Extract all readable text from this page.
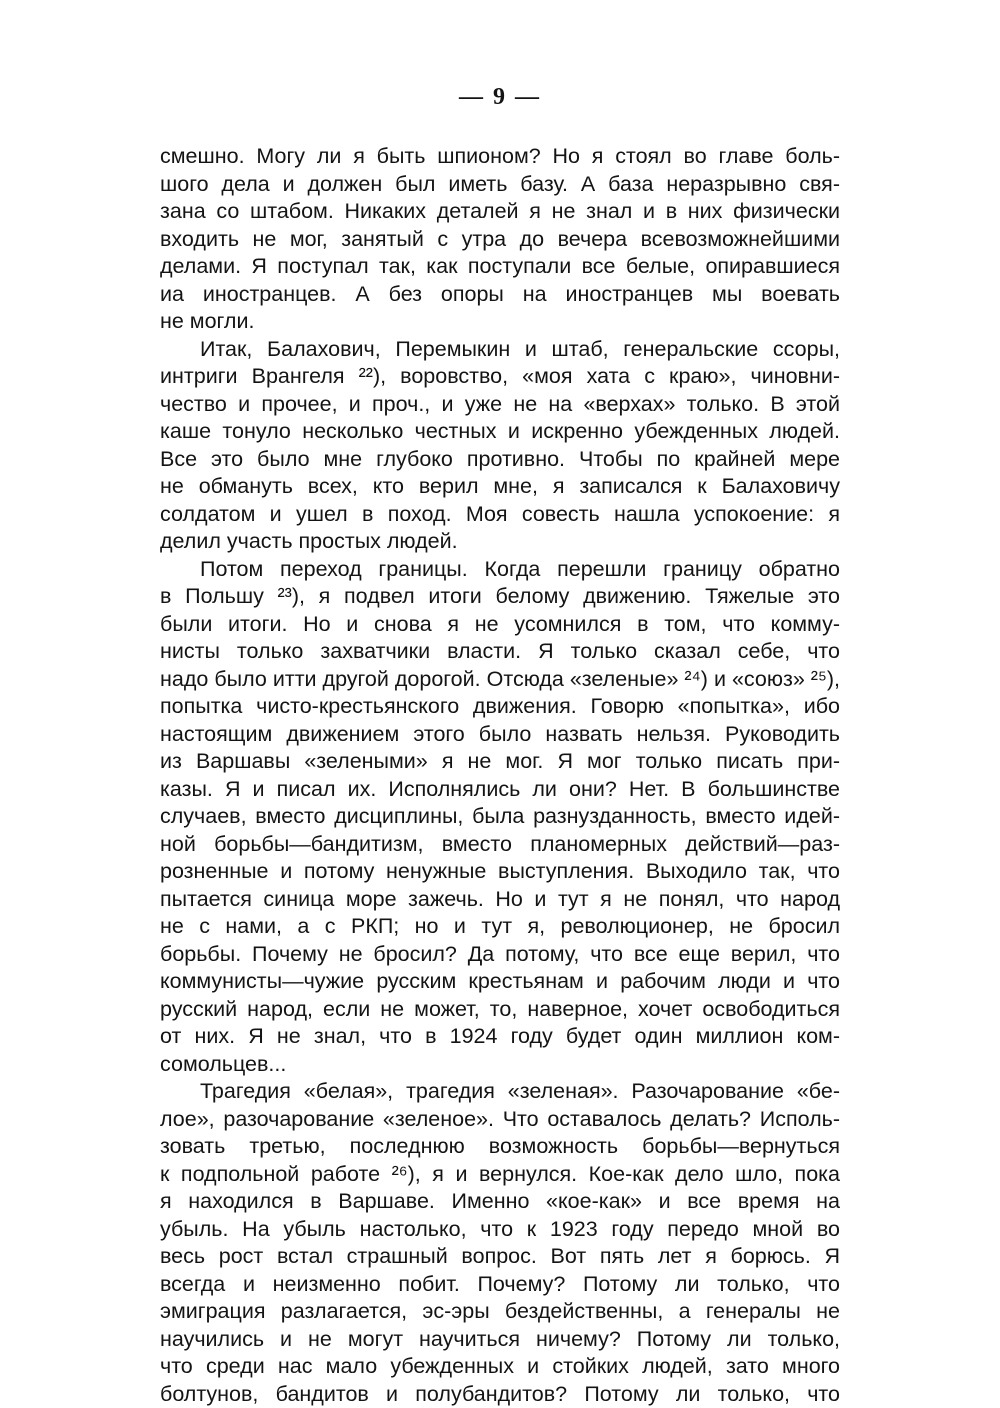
— 9 —
смешно. Могу ли я быть шпионом? Но я стоял во главе боль-
шого дела и должен был иметь базу. А база неразрывно свя-
зана со штабом. Никаких деталей я не знал и в них физически
входить не мог, занятый с утра до вечера всевозможнейшими
делами. Я поступал так, как поступали все белые, опиравшиеся
иа иностранцев. А без опоры на иностранцев мы воевать
не могли.
Итак, Балахович, Перемыкин и штаб, генеральские ссоры,
интриги Врангеля ²²), воровство, «моя хата с краю», чиновни-
чество и прочее, и проч., и уже не на «верхах» только. В этой
каше тонуло несколько честных и искренно убежденных людей.
Все это было мне глубоко противно. Чтобы по крайней мере
не обмануть всех, кто верил мне, я записался к Балаховичу
солдатом и ушел в поход. Моя совесть нашла успокоение: я
делил участь простых людей.
Потом переход границы. Когда перешли границу обратно
в Польшу ²³), я подвел итоги белому движению. Тяжелые это
были итоги. Но и снова я не усомнился в том, что комму-
нисты только захватчики власти. Я только сказал себе, что
надо было итти другой дорогой. Отсюда «зеленые» ²⁴) и «союз» ²⁵),
попытка чисто-крестьянского движения. Говорю «попытка», ибо
настоящим движением этого было назвать нельзя. Руководить
из Варшавы «зелеными» я не мог. Я мог только писать при-
казы. Я и писал их. Исполнялись ли они? Нет. В большинстве
случаев, вместо дисциплины, была разнузданность, вместо идей-
ной борьбы—бандитизм, вместо планомерных действий—раз-
розненные и потому ненужные выступления. Выходило так, что
пытается синица море зажечь. Но и тут я не понял, что народ
не с нами, а с РКП; но и тут я, революционер, не бросил
борьбы. Почему не бросил? Да потому, что все еще верил, что
коммунисты—чужие русским крестьянам и рабочим люди и что
русский народ, если не может, то, наверное, хочет освободиться
от них. Я не знал, что в 1924 году будет один миллион ком-
сомольцев...
Трагедия «белая», трагедия «зеленая». Разочарование «бе-
лое», разочарование «зеленое». Что оставалось делать? Исполь-
зовать третью, последнюю возможность борьбы—вернуться
к подпольной работе ²⁶), я и вернулся. Кое-как дело шло, пока
я находился в Варшаве. Именно «кое-как» и все время на
убыль. На убыль настолько, что к 1923 году передо мной во
весь рост встал страшный вопрос. Вот пять лет я борюсь. Я
всегда и неизменно побит. Почему? Потому ли только, что
эмиграция разлагается, эс-эры бездейственны, а генералы не
научились и не могут научиться ничему? Потому ли только,
что среди нас мало убежденных и стойких людей, зато много
болтунов, бандитов и полубандитов? Потому ли только, что
